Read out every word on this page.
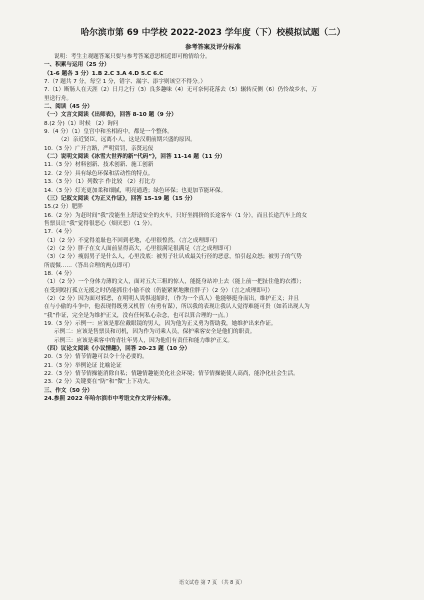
哈尔滨市第 69 中学校 2022-2023 学年度（下）校模拟试题（二）
参考答案及评分标准
说明：考生主观题答案只要与参考答案意思相近即可酌情给分。
一、积累与运用（25 分）
（1-6 题各 3 分）1.B 2.C 3.A 4.D 5.C 6.C
7.（7 题共 7 分，每空 1 分，错字、漏字、添字则该空不得分。）
7.（1）断肠人在天涯（2）日月之行（3）良多趣味（4）无可奈何花落去（5）辗转反侧（6）仍怜故乡水，万
里送行舟。
二、阅读（45 分）
（一）文言文阅读《出师表》，回答 8-10 题（9 分）
8.(2 分)（1）时候 （2）询问
9.（4 分）（1）皇宫中和丞相府中，都是一个整体。
（2）亲近贤臣，远离小人，这是汉朝前期兴盛的原因。
10.（3 分）广开言路，严明赏罚，亲贤远佞
（二）说明文阅读《冰雪大世界的新“代码”》，回答 11-14 题（11 分）
11.（3 分）材料创新、技术创新、施工创新
12.（2 分）具有绿色环保和活动性的特点。
13.（3 分）（1）列数字 作比较 （2）打比方
14.（3 分）灯光更加柔和细腻，明亮通透；绿色环保；也更加节能环保。
（三）记叙文阅读《为正义作证》，回答 15-19 题（15 分）
15.(2 分）肥胖
16.（2 分）为赶时间“我”没能坐上舒适安全的火车，只好坐拥挤的长途客车（1 分），而且长途汽车上的女
售票员让“我”觉得很恶心（烦厌恶）（1 分）。
17.（4 分）
（1）（2 分）不觉得羞耻也不回到老地，心里很惶然。（言之成理即可）
（2）（2 分）胖子在女人面前显得高大，心里很满足很满足（言之成理即可）
（3）（2 分）瘦弱男子是什么人，心里没底：被男子壮认成最关行径的恶意，怕引起众怒；被男子的气势
所震慑……（答出合理的两点即可）
18.（4 分）
（1）（2 分）一个身体力薄的文人，面对五大三粗的惊人，能挺身站冲上去（能上前一把扯住他的衣襟）；
在受到殴打孤立无援之时仍能抓住小偷不放（仍能紧紧地揪住胖子）（2 分）（言之成理即可）
（2）（2 分）因为面对邪恶，在明明人畏惧退缩时，（作为一个真人）他能够挺身而出，维护正义；并且
在与小偷的斗争中，他表现得既勇又机智（有勇有谋），所以我的表现让我认人觉得难能可贵（如若出现人为
“我”作证，完全是为维护正义，没有任何私心杂念，也可以算合理的一点。）
19.（3 分）示例一：应该是那位戴眼镜的男人，因为他为正义勇为帮助我，她维护出来作证。
示例二：应该是售票员和司机，因为作为司乘人员，保护乘客安全是他们的职责。
示例三：应该是乘客中的青壮年男人，因为他们有责任和能力维护正义。
（四）议论文阅读《小议情趣》，回答 20-23 题（10 分）
20.（3 分）情节情趣可以令十分必要的。
21.（3 分）举例论证 比喻论证
22.（3 分）情节情操能消除自私；情趣情趣能美化社会环境；情节情操能使人高尚，能净化社会生活。
23.（2 分）关键要在“防”和“微”上下功夫。
三、作文（50 分）
24.参照 2022 年哈尔滨市中考语文作文评分标准。
语文试卷 第 7 页 （共 8 页）
